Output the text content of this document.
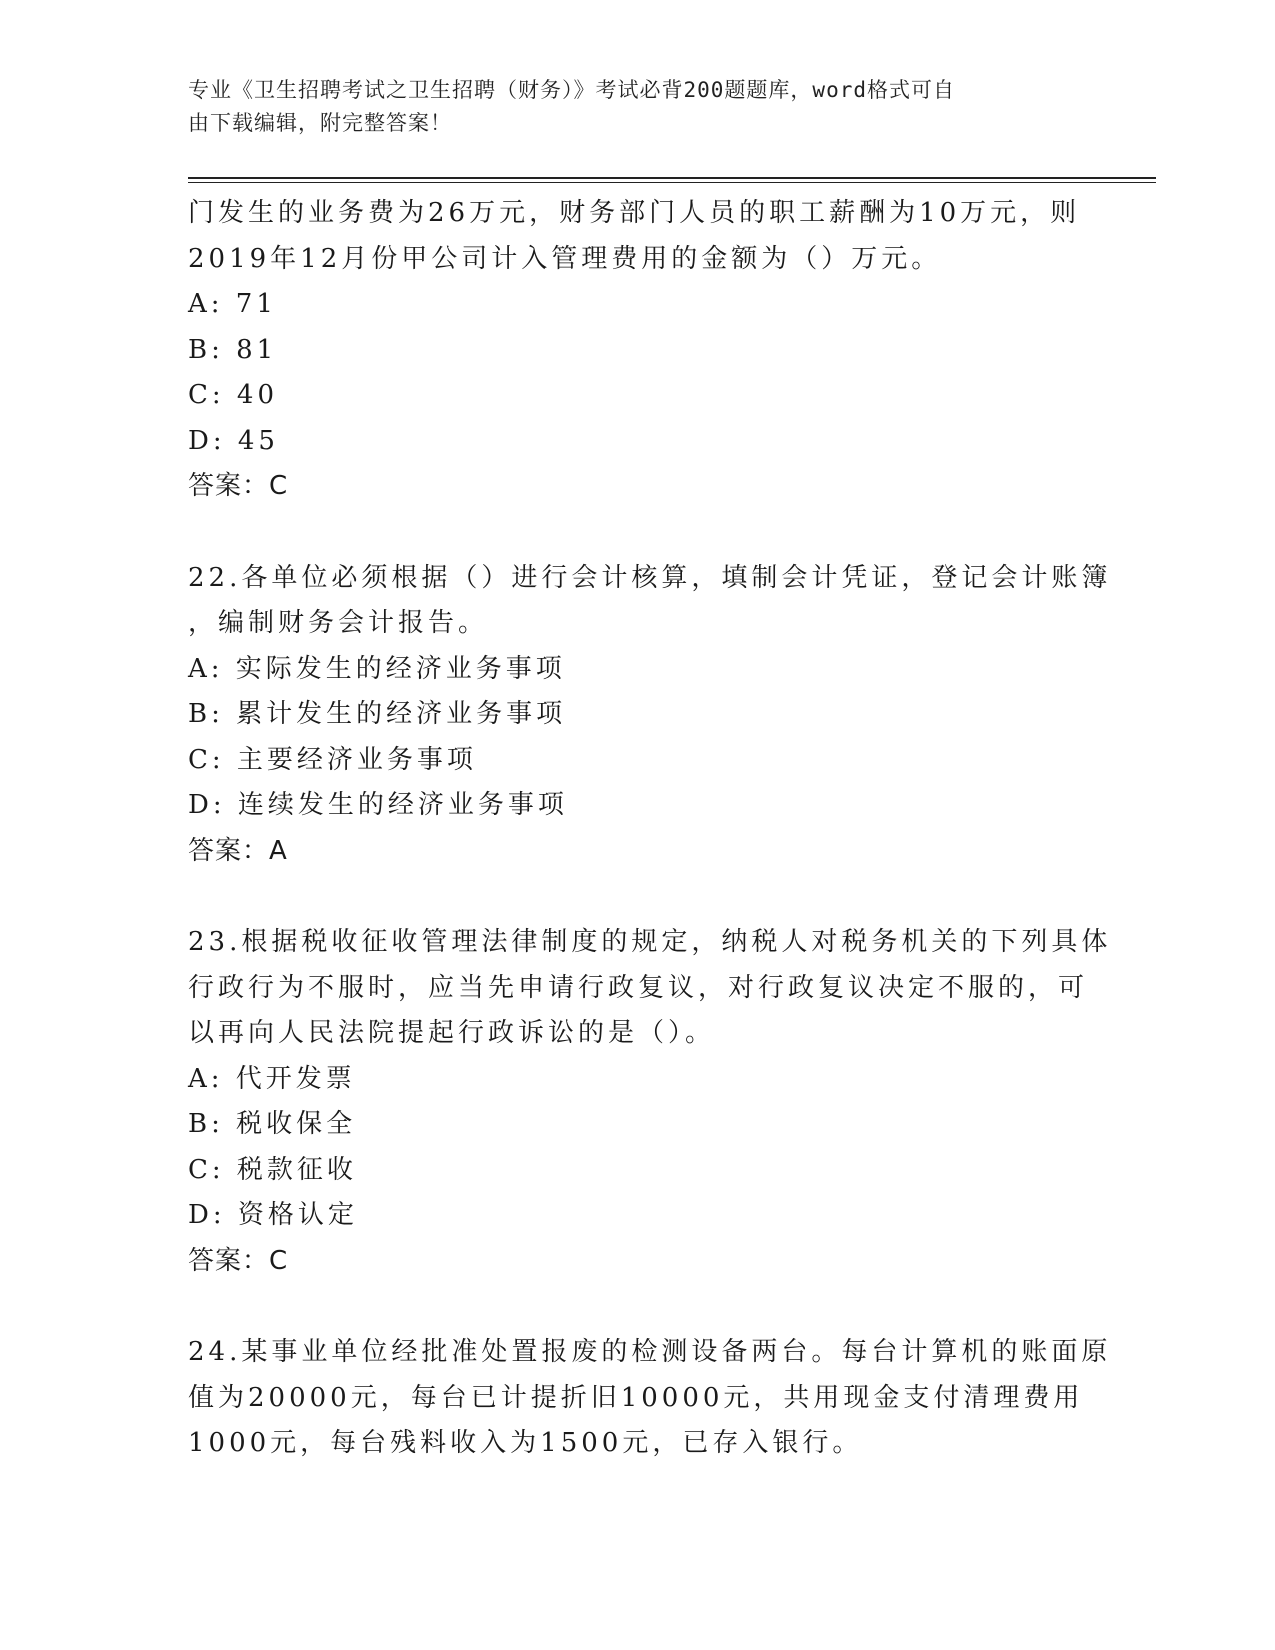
专业《卫生招聘考试之卫生招聘（财务）》考试必背200题题库，word格式可自
由下载编辑，附完整答案！
门发生的业务费为26万元，财务部门人员的职工薪酬为10万元，则
2019年12月份甲公司计入管理费用的金额为（）万元。
A: 71
B: 81
C: 40
D: 45
答案：C
22.各单位必须根据（）进行会计核算，填制会计凭证，登记会计账簿
，编制财务会计报告。
A: 实际发生的经济业务事项
B: 累计发生的经济业务事项
C: 主要经济业务事项
D: 连续发生的经济业务事项
答案：A
23.根据税收征收管理法律制度的规定，纳税人对税务机关的下列具体
行政行为不服时，应当先申请行政复议，对行政复议决定不服的，可
以再向人民法院提起行政诉讼的是（）。
A: 代开发票
B: 税收保全
C: 税款征收
D: 资格认定
答案：C
24.某事业单位经批准处置报废的检测设备两台。每台计算机的账面原
值为20000元，每台已计提折旧10000元，共用现金支付清理费用
1000元，每台残料收入为1500元，已存入银行。
